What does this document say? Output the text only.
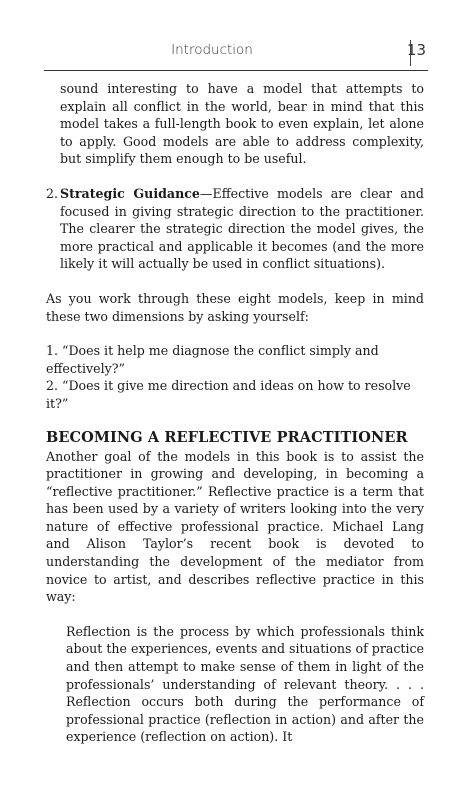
Introduction	13

sound interesting to have a model that attempts to explain all conflict in the world, bear in mind that this model takes a full-length book to even explain, let alone to apply. Good models are able to address complexity, but simplify them enough to be useful.

2. Strategic Guidance—Effective models are clear and focused in giving strategic direction to the practitioner. The clearer the strategic direction the model gives, the more practical and applicable it becomes (and the more likely it will actually be used in conflict situations).

As you work through these eight models, keep in mind these two dimensions by asking yourself:

1. “Does it help me diagnose the conflict simply and effectively?”

2. “Does it give me direction and ideas on how to resolve it?”

BECOMING A REFLECTIVE PRACTITIONER

Another goal of the models in this book is to assist the practitioner in growing and developing, in becoming a “reflective practitioner.” Reflective practice is a term that has been used by a variety of writers looking into the very nature of effective professional practice. Michael Lang and Alison Taylor’s recent book is devoted to understanding the development of the mediator from novice to artist, and describes reflective practice in this way:

Reflection is the process by which professionals think about the experiences, events and situations of practice and then attempt to make sense of them in light of the professionals’ understanding of relevant theory. . . . Reflection occurs both during the performance of professional practice (reflection in action) and after the experience (reflection on action). It
